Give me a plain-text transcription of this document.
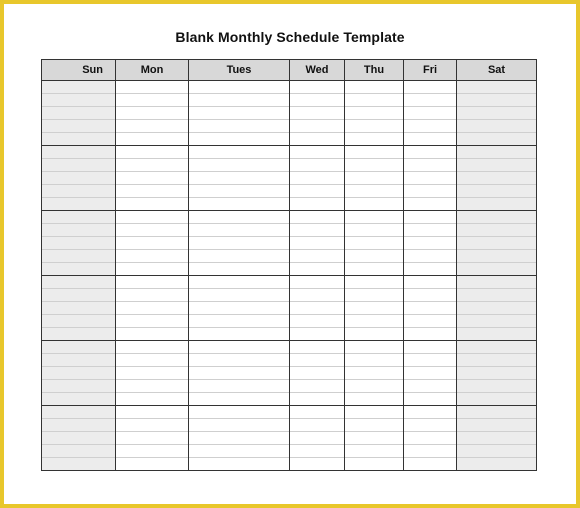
Blank Monthly Schedule Template
Sun	Mon	Tues	Wed	Thu	Fri	Sat
